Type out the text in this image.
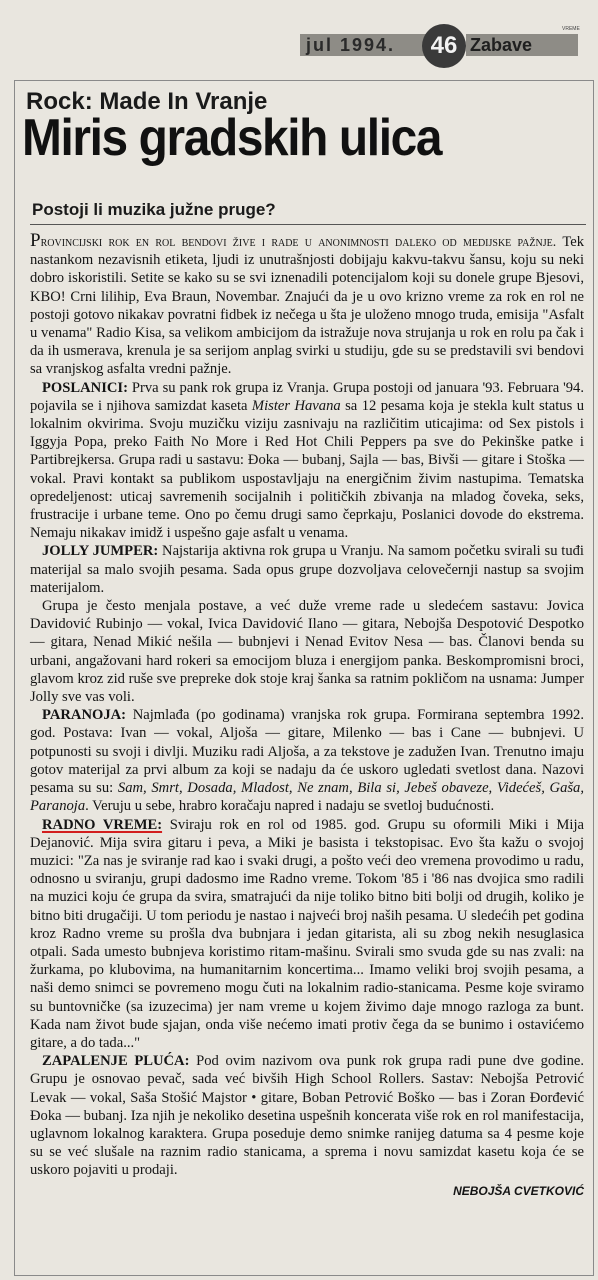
jul 1994.	46 Zabave
VREME
Rock: Made In Vranje
Miris gradskih ulica
Postoji li muzika južne pruge?

Provincijski rok en rol bendovi žive i rade u anonimnosti daleko od medijske pažnje. Tek nastankom nezavisnih etiketa, ljudi iz unutrašnjosti dobijaju kakvu-takvu šansu, koju su neki dobro iskoristili. Setite se kako su se svi iznenadili potencijalom koji su donele grupe Bjesovi, KBO! Crni lilihip, Eva Braun, Novembar. Znajući da je u ovo krizno vreme za rok en rol ne postoji gotovo nikakav povratni fidbek iz nečega u šta je uloženo mnogo truda, emisija "Asfalt u venama" Radio Kisa, sa velikom ambicijom da istražuje nova strujanja u rok en rolu pa čak i da ih usmerava, krenula je sa serijom anplag svirki u studiju, gde su se predstavili svi bendovi sa vranjskog asfalta vredni pažnje.

POSLANICI: Prva su pank rok grupa iz Vranja. Grupa postoji od januara '93. Februara '94. pojavila se i njihova samizdat kaseta Mister Havana sa 12 pesama koja je stekla kult status u lokalnim okvirima. Svoju muzičku viziju zasnivaju na različitim uticajima: od Sex pistols i Iggyja Popa, preko Faith No More i Red Hot Chili Peppers pa sve do Pekinške patke i Partibrejkersa. Grupa radi u sastavu: Đoka — bubanj, Sajla — bas, Bivši — gitare i Stoška — vokal. Pravi kontakt sa publikom uspostavljaju na energičnim živim nastupima. Tematska opredeljenost: uticaj savremenih socijalnih i političkih zbivanja na mladog čoveka, seks, frustracije i urbane teme. Ono po čemu drugi samo čeprkaju, Poslanici dovode do ekstrema. Nemaju nikakav imidž i uspešno gaje asfalt u venama.

JOLLY JUMPER: Najstarija aktivna rok grupa u Vranju. Na samom početku svirali su tuđi materijal sa malo svojih pesama. Sada opus grupe dozvoljava celovečernji nastup sa svojim materijalom.

Grupa je često menjala postave, a već duže vreme rade u sledećem sastavu: Jovica Davidović Rubinjo — vokal, Ivica Davidović Ilano — gitara, Nebojša Despotović Despotko — gitara, Nenad Mikić nešila — bubnjevi i Nenad Evitov Nesa — bas. Članovi benda su urbani, angažovani hard rokeri sa emocijom bluza i energijom panka. Beskompromisni broci, glavom kroz zid ruše sve prepreke dok stoje kraj šanka sa ratnim pokličom na usnama: Jumper Jolly sve vas voli.

PARANOJA: Najmlađa (po godinama) vranjska rok grupa. Formirana septembra 1992. god. Postava: Ivan — vokal, Aljoša — gitare, Milenko — bas i Cane — bubnjevi. U potpunosti su svoji i divlji. Muziku radi Aljoša, a za tekstove je zadužen Ivan. Trenutno imaju gotov materijal za prvi album za koji se nadaju da će uskoro ugledati svetlost dana. Nazovi pesama su su: Sam, Smrt, Dosada, Mladost, Ne znam, Bila si, Jebeš obaveze, Videćeš, Gaša, Paranoja. Veruju u sebe, hrabro koračaju napred i nadaju se svetloj budućnosti.

RADNO VREME: Sviraju rok en rol od 1985. god. Grupu su oformili Miki i Mija Dejanović. Mija svira gitaru i peva, a Miki je basista i tekstopisac. Evo šta kažu o svojoj muzici: "Za nas je sviranje rad kao i svaki drugi, a pošto veći deo vremena provodimo u radu, odnosno u sviranju, grupi dadosmo ime Radno vreme. Tokom '85 i '86 nas dvojica smo radili na muzici koju će grupa da svira, smatrajući da nije toliko bitno biti bolji od drugih, koliko je bitno biti drugačiji. U tom periodu je nastao i najveći broj naših pesama. U sledećih pet godina kroz Radno vreme su prošla dva bubnjara i jedan gitarista, ali su zbog nekih nesuglasica otpali. Sada umesto bubnjeva koristimo ritam-mašinu. Svirali smo svuda gde su nas zvali: na žurkama, po klubovima, na humanitarnim koncertima... Imamo veliki broj svojih pesama, a naši demo snimci se povremeno mogu čuti na lokalnim radio-stanicama. Pesme koje sviramo su buntovničke (sa izuzecima) jer nam vreme u kojem živimo daje mnogo razloga za bunt. Kada nam život bude sjajan, onda više nećemo imati protiv čega da se bunimo i ostavićemo gitare, a do tada..."

ZAPALENJE PLUĆA: Pod ovim nazivom ova punk rok grupa radi pune dve godine. Grupu je osnovao pevač, sada već bivših High School Rollers. Sastav: Nebojša Petrović Levak — vokal, Saša Stošić Majstor • gitare, Boban Petrović Boško — bas i Zoran Đorđević Đoka — bubanj. Iza njih je nekoliko desetina uspešnih koncerata više rok en rol manifestacija, uglavnom lokalnog karaktera. Grupa poseduje demo snimke ranijeg datuma sa 4 pesme koje su se već slušale na raznim radio stanicama, a sprema i novu samizdat kasetu koja će se uskoro pojaviti u prodaji.

NEBOJŠA CVETKOVIĆ
